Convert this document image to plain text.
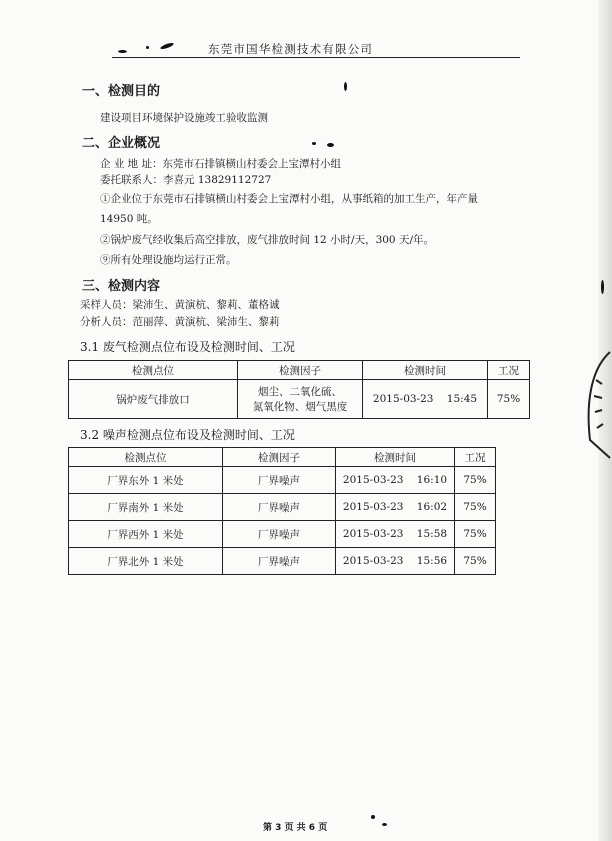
东莞市国华检测技术有限公司
一、检测目的
建设项目环境保护设施竣工验收监测
二、企业概况
企 业 地 址：东莞市石排镇横山村委会上宝潭村小组
委托联系人：李喜元 13829112727
①企业位于东莞市石排镇横山村委会上宝潭村小组，从事纸箱的加工生产，年产量
14950 吨。
②锅炉废气经收集后高空排放，废气排放时间 12 小时/天，300 天/年。
⑨所有处理设施均运行正常。
三、检测内容
采样人员：梁沛生、黄演杭、黎莉、董格诚
分析人员：范丽萍、黄演杭、梁沛生、黎莉
3.1 废气检测点位布设及检测时间、工况
检测点位	检测因子	检测时间	工况
锅炉废气排放口	烟尘、二氧化硫、
氮氧化物、烟气黑度	2015-03-23    15:45	75%
3.2 噪声检测点位布设及检测时间、工况
检测点位	检测因子	检测时间	工况
厂界东外 1 米处	厂界噪声	2015-03-23    16:10	75%
厂界南外 1 米处	厂界噪声	2015-03-23    16:02	75%
厂界西外 1 米处	厂界噪声	2015-03-23    15:58	75%
厂界北外 1 米处	厂界噪声	2015-03-23    15:56	75%
第 3 页 共 6 页
